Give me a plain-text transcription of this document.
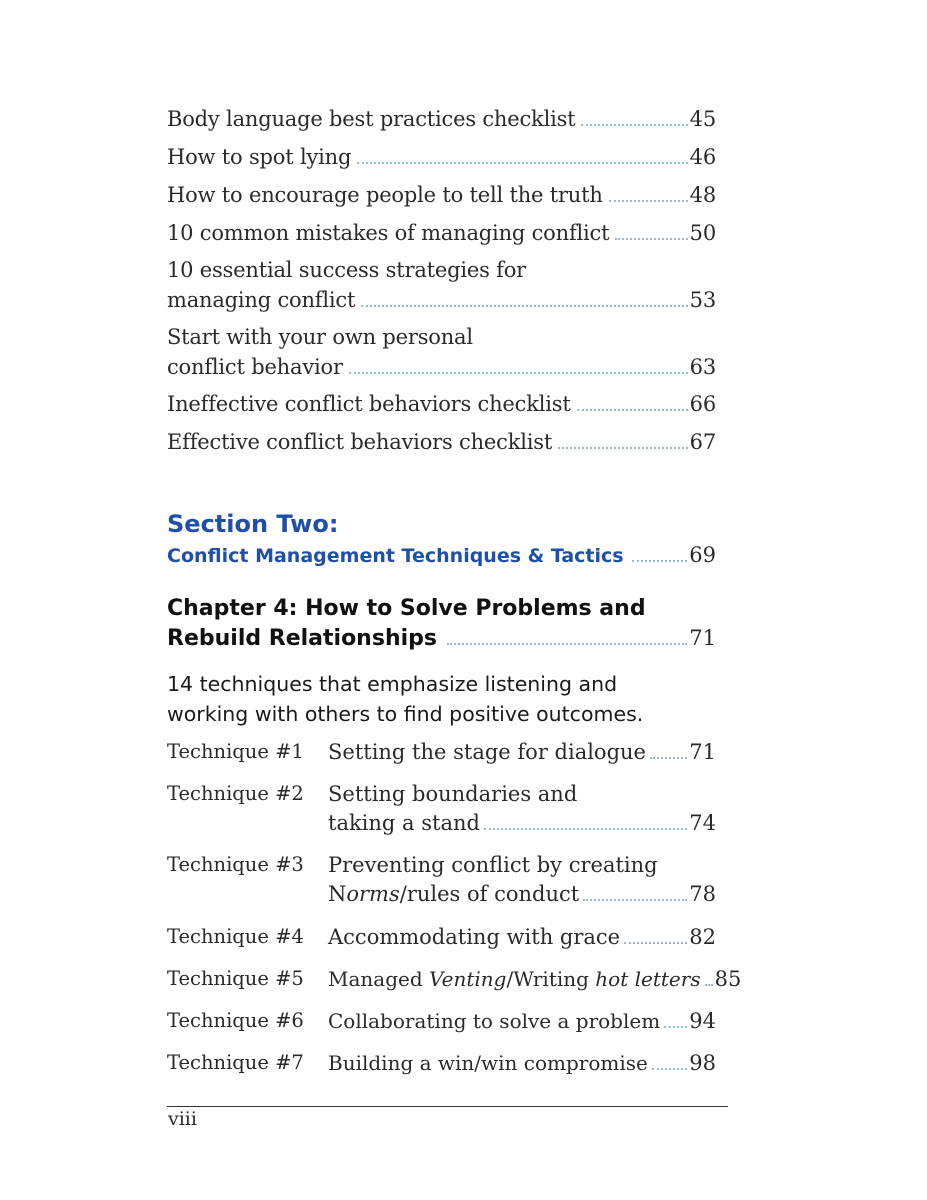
Body language best practices checklist	45
How to spot lying	46
How to encourage people to tell the truth	48
10 common mistakes of managing conflict	50
10 essential success strategies for
managing conflict	53
Start with your own personal
conflict behavior	63
Ineffective conflict behaviors checklist	66
Effective conflict behaviors checklist	67
Section Two:
Conflict Management Techniques & Tactics	69
Chapter 4: How to Solve Problems and
Rebuild Relationships	71
14 techniques that emphasize listening and
working with others to find positive outcomes.
Technique #1 Setting the stage for dialogue 71
Technique #2 Setting boundaries and
taking a stand	74
Technique #3 Preventing conflict by creating
Norms/rules of conduct	78
Technique #4 Accommodating with grace	82
Technique #5 Managed Venting/Writing hot letters 85
Technique #6 Collaborating to solve a problem 94
Technique #7 Building a win/win compromise 98
viii
